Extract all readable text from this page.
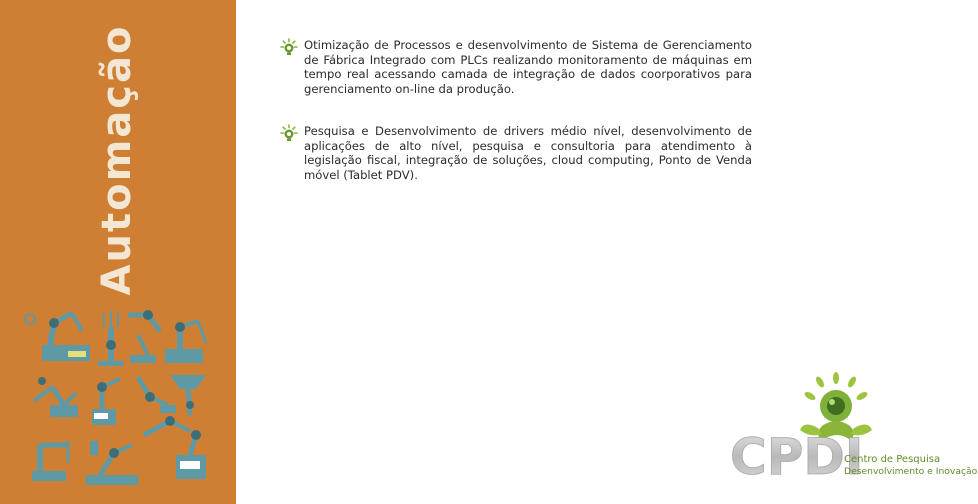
Automação	Otimização de Processos e desenvolvimento de Sistema de Gerenciamento de Fábrica Integrado com PLCs realizando monitoramento de máquinas em tempo real acessando camada de integração de dados coorporativos para gerenciamento on-line da produção.
Pesquisa e Desenvolvimento de drivers médio nível, desenvolvimento de aplicações de alto nível, pesquisa e consultoria para atendimento à legislação fiscal, integração de soluções, cloud computing, Ponto de Venda móvel (Tablet PDV).
CPDI
Centro de Pesquisa
Desenvolvimento e Inovação
